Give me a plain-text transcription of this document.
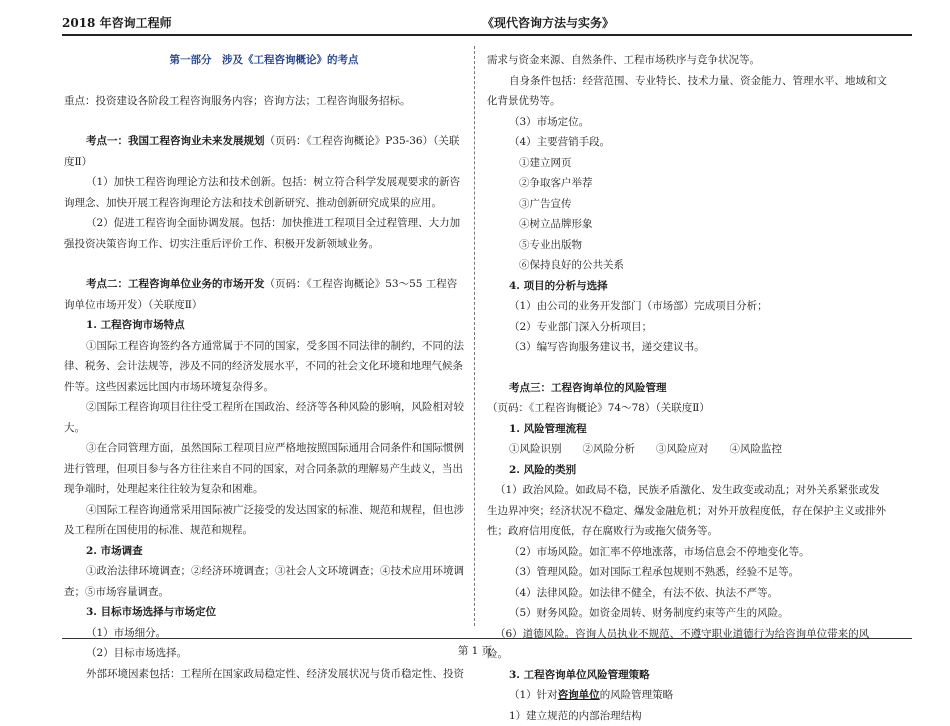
2018 年咨询工程师	《现代咨询方法与实务》

第一部分　涉及《工程咨询概论》的考点

重点：投资建设各阶段工程咨询服务内容；咨询方法；工程咨询服务招标。

考点一：我国工程咨询业未来发展规划（页码：《工程咨询概论》P35-36）（关联度Ⅱ）

（1）加快工程咨询理论方法和技术创新。包括：树立符合科学发展观要求的新咨询理念、加快开展工程咨询理论方法和技术创新研究、推动创新研究成果的应用。

（2）促进工程咨询全面协调发展。包括：加快推进工程项目全过程管理、大力加强投资决策咨询工作、切实注重后评价工作、积极开发新领域业务。

考点二：工程咨询单位业务的市场开发（页码：《工程咨询概论》53～55 工程咨询单位市场开发）（关联度Ⅱ）

1. 工程咨询市场特点

①国际工程咨询签约各方通常属于不同的国家，受多国不同法律的制约，不同的法律、税务、会计法规等，涉及不同的经济发展水平，不同的社会文化环境和地理气候条件等。这些因素远比国内市场环境复杂得多。

②国际工程咨询项目往往受工程所在国政治、经济等各种风险的影响，风险相对较大。

③在合同管理方面，虽然国际工程项目应严格地按照国际通用合同条件和国际惯例进行管理，但项目参与各方往往来自不同的国家，对合同条款的理解易产生歧义，当出现争端时，处理起来往往较为复杂和困难。

④国际工程咨询通常采用国际被广泛接受的发达国家的标准、规范和规程，但也涉及工程所在国使用的标准、规范和规程。

2. 市场调查

①政治法律环境调查；②经济环境调查；③社会人文环境调查；④技术应用环境调查；⑤市场容量调查。

3. 目标市场选择与市场定位

（1）市场细分。

（2）目标市场选择。

外部环境因素包括：工程所在国家政局稳定性、经济发展状况与货币稳定性、投资

需求与资金来源、自然条件、工程市场秩序与竞争状况等。

自身条件包括：经营范围、专业特长、技术力量、资金能力、管理水平、地域和文化背景优势等。

（3）市场定位。

（4）主要营销手段。

①建立网页

②争取客户举荐

③广告宣传

④树立品牌形象

⑤专业出版物

⑥保持良好的公共关系

4. 项目的分析与选择

（1）由公司的业务开发部门（市场部）完成项目分析；

（2）专业部门深入分析项目；

（3）编写咨询服务建议书，递交建议书。

考点三：工程咨询单位的风险管理（页码：《工程咨询概论》74～78）（关联度Ⅱ）

1. 风险管理流程

①风险识别　　②风险分析　　③风险应对　　④风险监控

2. 风险的类别

（1）政治风险。如政局不稳，民族矛盾激化、发生政变或动乱；对外关系紧张或发生边界冲突；经济状况不稳定、爆发金融危机；对外开放程度低，存在保护主义或排外性；政府信用度低，存在腐败行为或拖欠债务等。

（2）市场风险。如汇率不停地涨落，市场信息会不停地变化等。

（3）管理风险。如对国际工程承包规则不熟悉，经验不足等。

（4）法律风险。如法律不健全，有法不依、执法不严等。

（5）财务风险。如资金周转、财务制度约束等产生的风险。

（6）道德风险。咨询人员执业不规范、不遵守职业道德行为给咨询单位带来的风险。

3. 工程咨询单位风险管理策略

（1）针对咨询单位的风险管理策略

1）建立规范的内部治理结构

第 1 页
